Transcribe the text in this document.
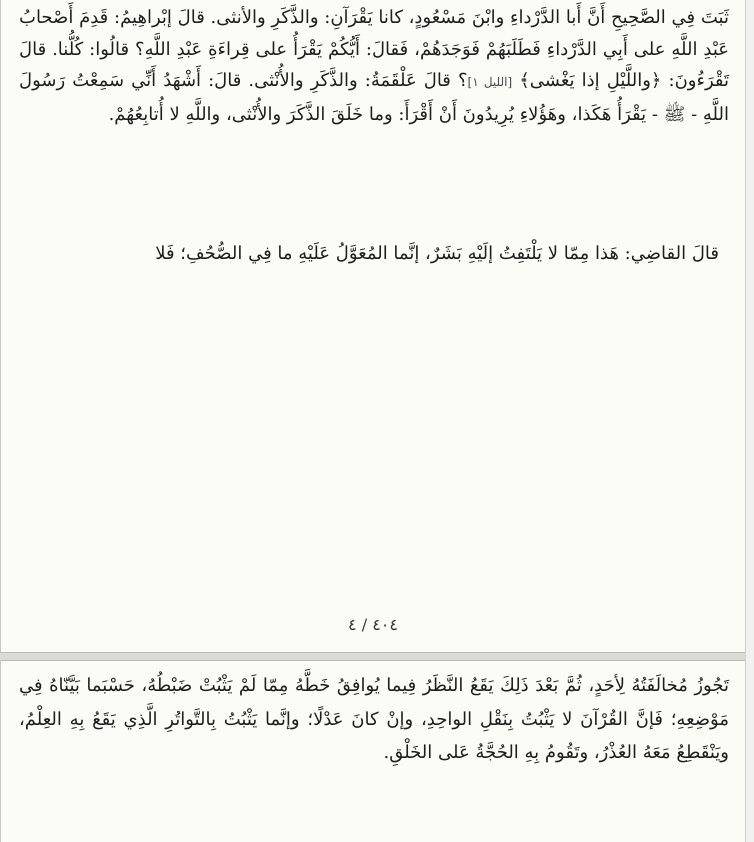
ثَبَتَ فِي الصَّحِيحِ أَنَّ أَبا الدَّرْداءِ وابْنَ مَسْعُودٍ، كانا يَقْرَآنِ: والذَّكَرِ والأنثى. قالَ إبْراهِيمُ: قَدِمَ أَصْحابُ عَبْدِ اللَّهِ على أَبِي الدَّرْداءِ فَطَلَبَهُمْ فَوَجَدَهُمْ، فَقالَ: أَيُّكُمْ يَقْرَأُ على قِراءَةِ عَبْدِ اللَّهِ؟ قالُوا: كُلُّنا. قالَ تَقْرَءُونَ: ﴿واللَّيْلِ إذا يَغْشى﴾ [الليل ١]؟ قالَ عَلْقَمَةُ: والذَّكَرِ والأُنْثى. قالَ: أَشْهَدُ أَنِّي سَمِعْتُ رَسُولَ اللَّهِ - ﷺ - يَقْرَأُ هَكَذا، وهَؤُلاءِ يُرِيدُونَ أَنْ أَقْرَأَ: وما خَلَقَ الذَّكَرَ والأُنْثى، واللَّهِ لا أُتابِعُهُمْ.

قالَ القاضِي: هَذا مِمّا لا يَلْتَفِتُ إلَيْهِ بَشَرٌ، إنَّما المُعَوَّلُ عَلَيْهِ ما فِي الصُّحُفِ؛ فَلا

٤٠٤ / ٤

تَجُوزُ مُخالَفَتُهُ لِأحَدٍ، ثُمَّ بَعْدَ ذَلِكَ يَقَعُ النَّظَرُ فِيما يُوافِقُ خَطَّهُ مِمّا لَمْ يَثْبُتْ ضَبْطُهُ، حَسْبَما بَيَّنّاهُ فِي مَوْضِعِهِ؛ فَإنَّ القُرْآنَ لا يَثْبُتُ بِنَقْلِ الواحِدِ، وإنْ كانَ عَدْلًا؛ وإنَّما يَثْبُتُ بِالتَّواتُرِ الَّذِي يَقَعُ بِهِ العِلْمُ، ويَنْقَطِعُ مَعَهُ العُذْرُ، وتَقُومُ بِهِ الحُجَّةُ عَلى الخَلْقِ.
